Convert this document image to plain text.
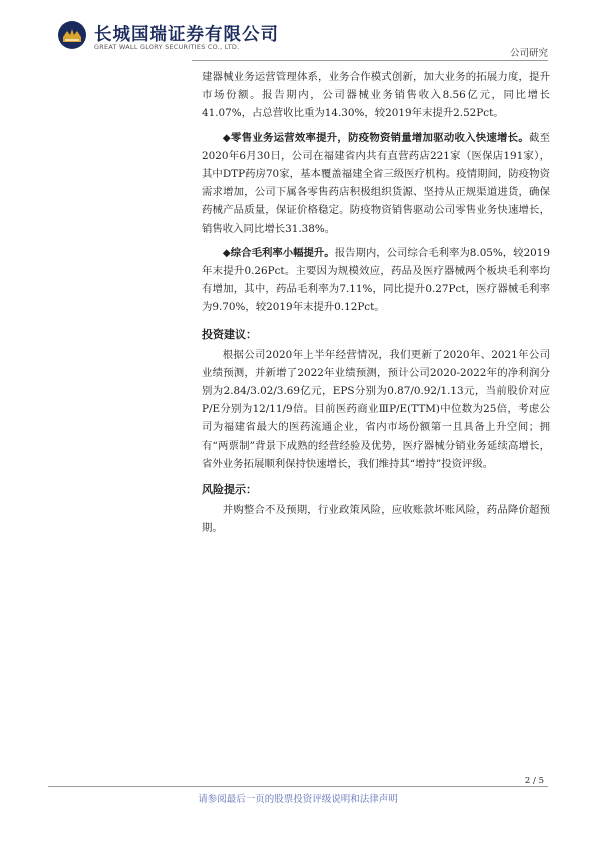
长城国瑞证券有限公司
GREAT WALL GLORY SECURITIES CO., LTD.
公司研究

建器械业务运营管理体系，业务合作模式创新，加大业务的拓展力度，提升市场份额。报告期内，公司器械业务销售收入8.56亿元，同比增长41.07%，占总营收比重为14.30%，较2019年末提升2.52Pct。

◆零售业务运营效率提升，防疫物资销量增加驱动收入快速增长。截至2020年6月30日，公司在福建省内共有直营药店221家（医保店191家），其中DTP药房70家，基本覆盖福建全省三级医疗机构。疫情期间，防疫物资需求增加，公司下属各零售药店积极组织货源、坚持从正规渠道进货，确保药械产品质量，保证价格稳定。防疫物资销售驱动公司零售业务快速增长，销售收入同比增长31.38%。

◆综合毛利率小幅提升。报告期内，公司综合毛利率为8.05%，较2019年末提升0.26Pct。主要因为规模效应，药品及医疗器械两个板块毛利率均有增加，其中，药品毛利率为7.11%，同比提升0.27Pct，医疗器械毛利率为9.70%，较2019年末提升0.12Pct。

投资建议：

根据公司2020年上半年经营情况，我们更新了2020年、2021年公司业绩预测，并新增了2022年业绩预测，预计公司2020-2022年的净利润分别为2.84/3.02/3.69亿元，EPS分别为0.87/0.92/1.13元，当前股价对应P/E分别为12/11/9倍。目前医药商业ⅢP/E(TTM)中位数为25倍，考虑公司为福建省最大的医药流通企业，省内市场份额第一且具备上升空间；拥有“两票制”背景下成熟的经营经验及优势，医疗器械分销业务延续高增长，省外业务拓展顺利保持快速增长，我们维持其“增持”投资评级。

风险提示：

并购整合不及预期，行业政策风险，应收账款坏账风险，药品降价超预期。

2 / 5
请参阅最后一页的股票投资评级说明和法律声明
